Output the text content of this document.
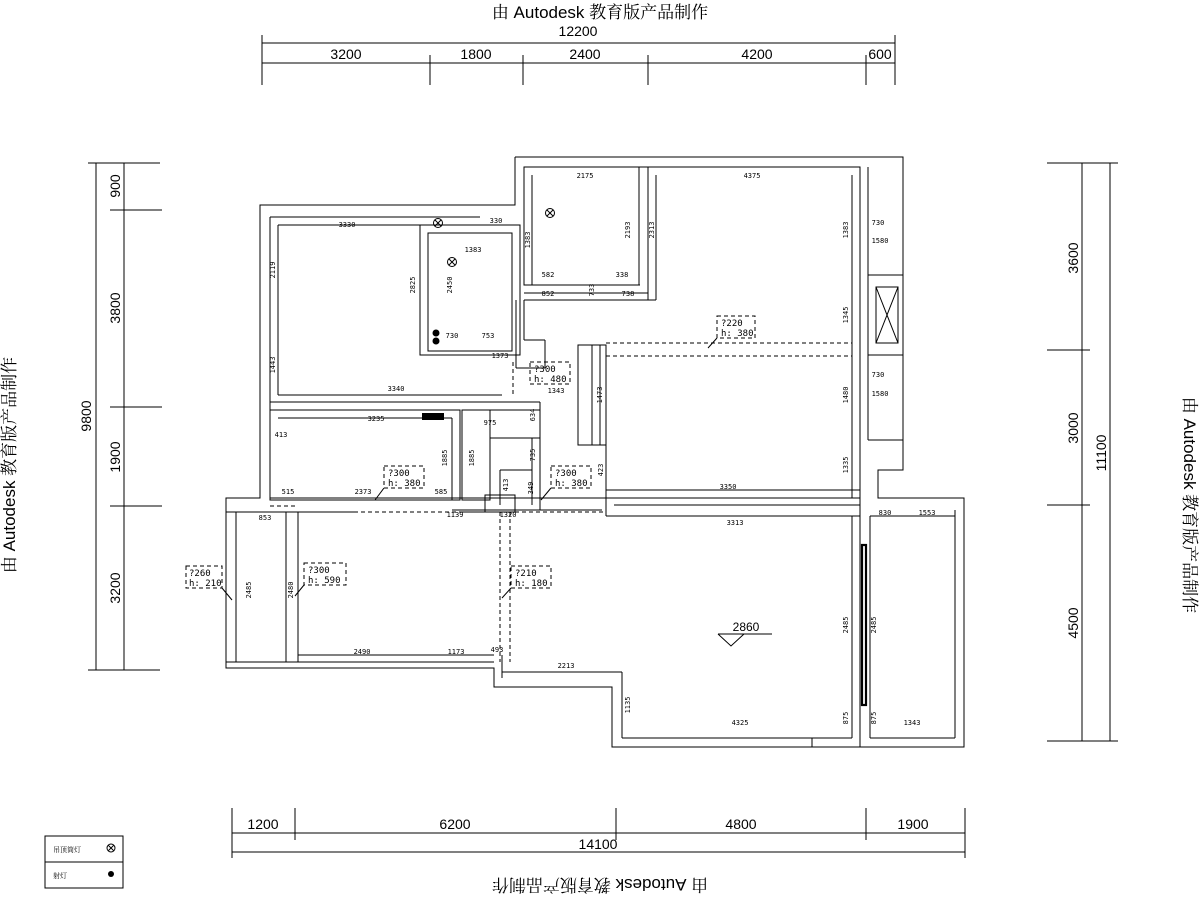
由 Autodesk 教育版产品制作
由 Autodesk 教育版产品制作
由 Autodesk 教育版产品制作	由 Autodesk 教育版产品制作
12200
3200	1800	2400	4200	600
1200	6200	4800	1900
14100
9800
900
3800
1900
3200
3600
3000
4500
11100
2175	4375
330
3330
1383
2193 2313	1383	730
1580
2119
2825	2450
1383
582	338
852	733	738
1345
730	753
1373
1443
3340	1343	1473	1480
730
1580
3235	975
634
1885	1885
413
1335
735
413
515	2373	585	349
423
3350
1139	1320
853
3313
830	1553
2485	2480
2485	2485
2490	1173	493
2213
1135
4325	875	875	1343
?220
h: 380
?300
h: 480
?300
h: 380
?300
h: 380
?260
h: 210
?300
h: 590
?210
h: 180
2860
吊顶筒灯
射灯
